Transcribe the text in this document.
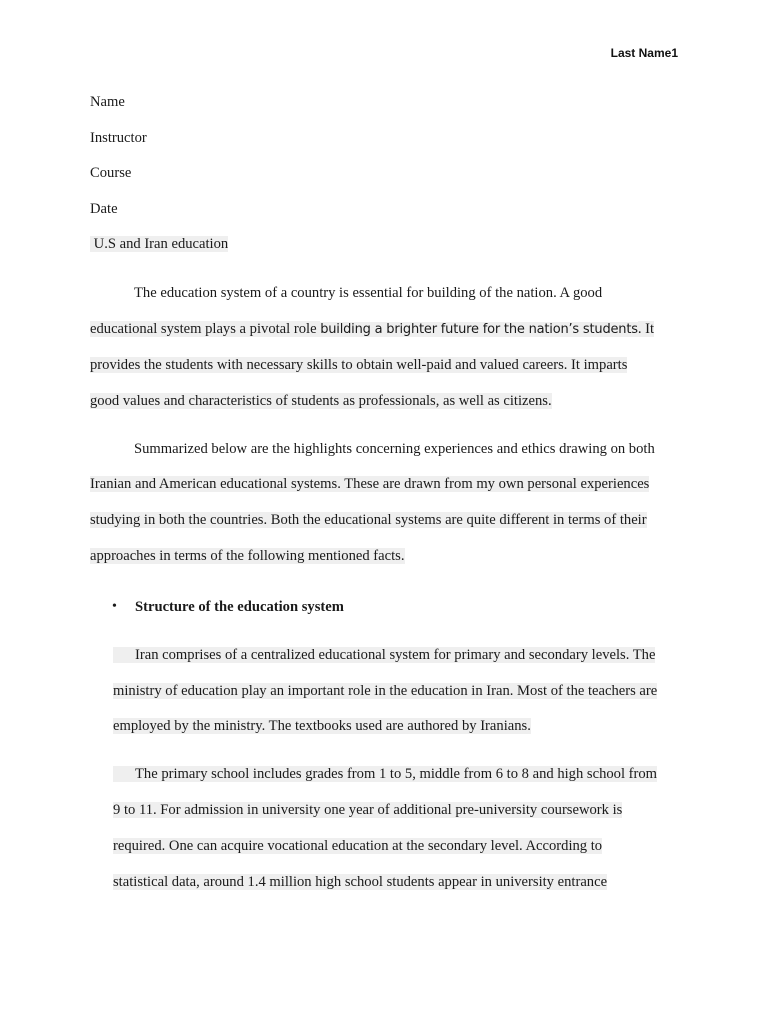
Last Name1
Name
Instructor
Course
Date
U.S and Iran education
The education system of a country is essential for building of the nation. A good
educational system plays a pivotal role building a brighter future for the nation’s students. It
provides the students with necessary skills to obtain well-paid and valued careers. It imparts
good values and characteristics of students as professionals, as well as citizens.
Summarized below are the highlights concerning experiences and ethics drawing on both
Iranian and American educational systems. These are drawn from my own personal experiences
studying in both the countries. Both the educational systems are quite different in terms of their
approaches in terms of the following mentioned facts.
• Structure of the education system
Iran comprises of a centralized educational system for primary and secondary levels. The
ministry of education play an important role in the education in Iran. Most of the teachers are
employed by the ministry. The textbooks used are authored by Iranians.
The primary school includes grades from 1 to 5, middle from 6 to 8 and high school from
9 to 11. For admission in university one year of additional pre-university coursework is
required. One can acquire vocational education at the secondary level. According to
statistical data, around 1.4 million high school students appear in university entrance
